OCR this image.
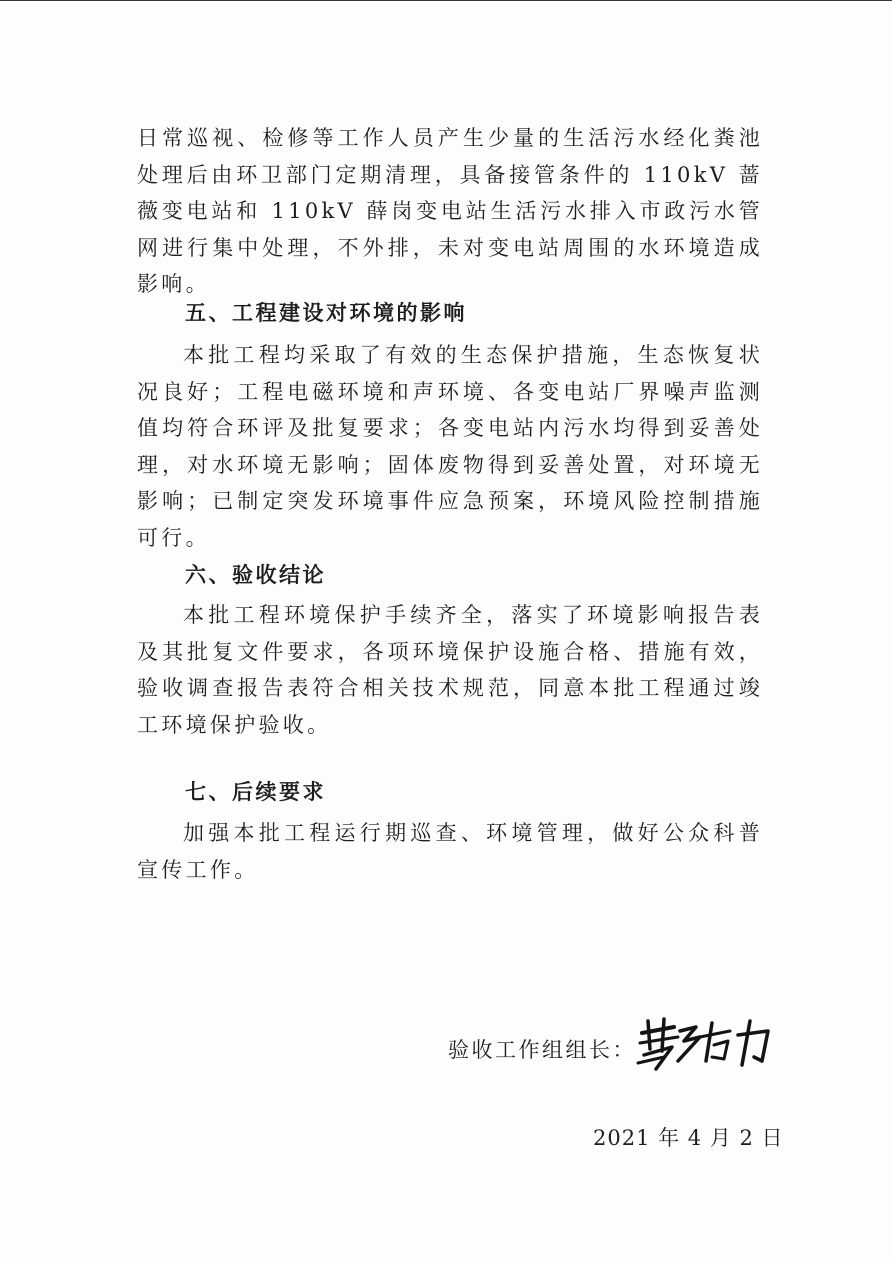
日常巡视、检修等工作人员产生少量的生活污水经化粪池处理后由环卫部门定期清理，具备接管条件的 110kV 蔷薇变电站和 110kV 薛岗变电站生活污水排入市政污水管网进行集中处理，不外排，未对变电站周围的水环境造成影响。
五、工程建设对环境的影响
本批工程均采取了有效的生态保护措施，生态恢复状况良好；工程电磁环境和声环境、各变电站厂界噪声监测值均符合环评及批复要求；各变电站内污水均得到妥善处理，对水环境无影响；固体废物得到妥善处置，对环境无影响；已制定突发环境事件应急预案，环境风险控制措施可行。
六、验收结论
本批工程环境保护手续齐全，落实了环境影响报告表及其批复文件要求，各项环境保护设施合格、措施有效，验收调查报告表符合相关技术规范，同意本批工程通过竣工环境保护验收。
七、后续要求
加强本批工程运行期巡查、环境管理，做好公众科普宣传工作。
验收工作组组长：
2021 年 4 月 2 日
